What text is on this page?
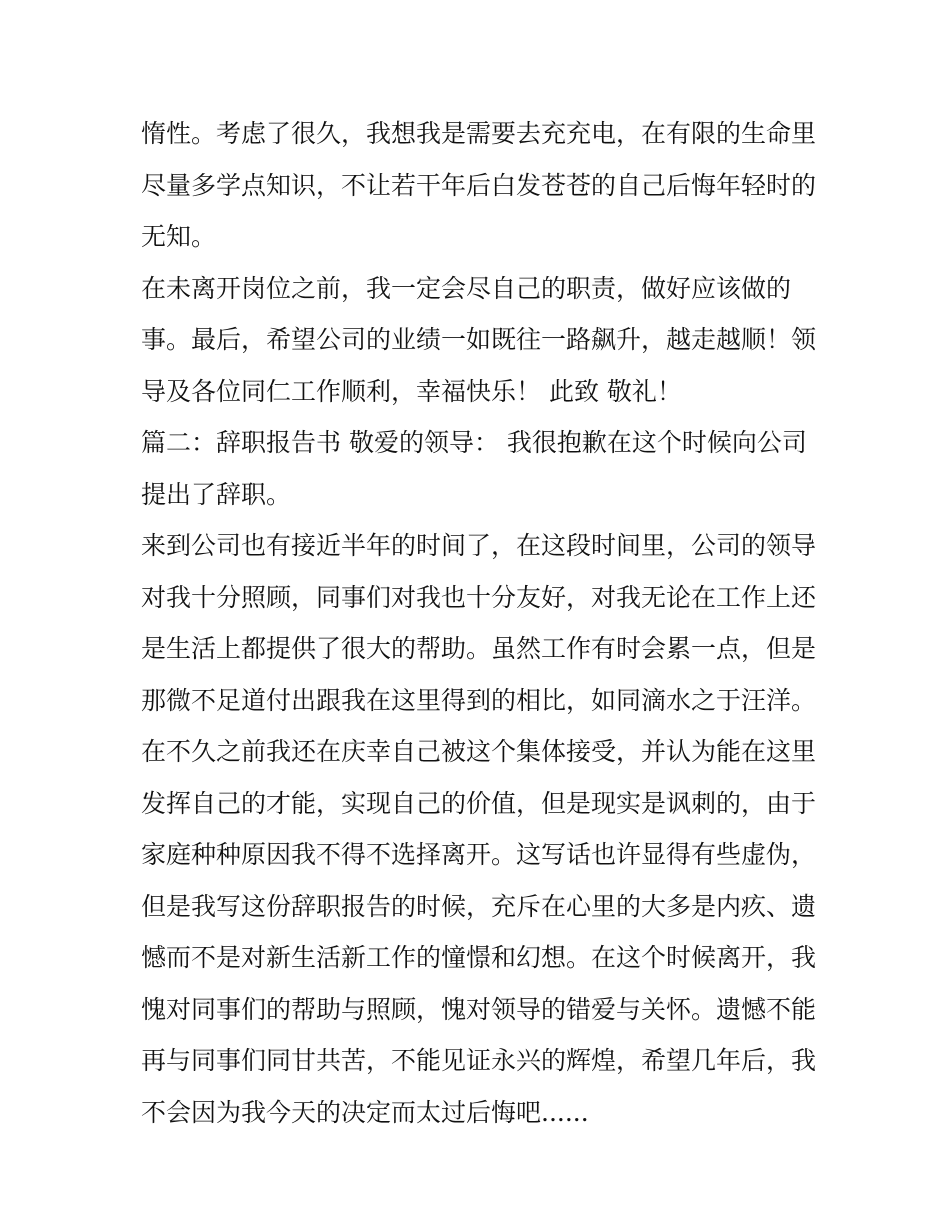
惰性。考虑了很久，我想我是需要去充充电，在有限的生命里
尽量多学点知识，不让若干年后白发苍苍的自己后悔年轻时的
无知。
在未离开岗位之前，我一定会尽自己的职责，做好应该做的
事。最后，希望公司的业绩一如既往一路飙升，越走越顺！领
导及各位同仁工作顺利，幸福快乐！ 此致 敬礼！
篇二：辞职报告书 敬爱的领导： 我很抱歉在这个时候向公司
提出了辞职。
来到公司也有接近半年的时间了，在这段时间里，公司的领导
对我十分照顾，同事们对我也十分友好，对我无论在工作上还
是生活上都提供了很大的帮助。虽然工作有时会累一点，但是
那微不足道付出跟我在这里得到的相比，如同滴水之于汪洋。
在不久之前我还在庆幸自己被这个集体接受，并认为能在这里
发挥自己的才能，实现自己的价值，但是现实是讽刺的，由于
家庭种种原因我不得不选择离开。这写话也许显得有些虚伪，
但是我写这份辞职报告的时候，充斥在心里的大多是内疚、遗
憾而不是对新生活新工作的憧憬和幻想。在这个时候离开，我
愧对同事们的帮助与照顾，愧对领导的错爱与关怀。遗憾不能
再与同事们同甘共苦，不能见证永兴的辉煌，希望几年后，我
不会因为我今天的决定而太过后悔吧......
